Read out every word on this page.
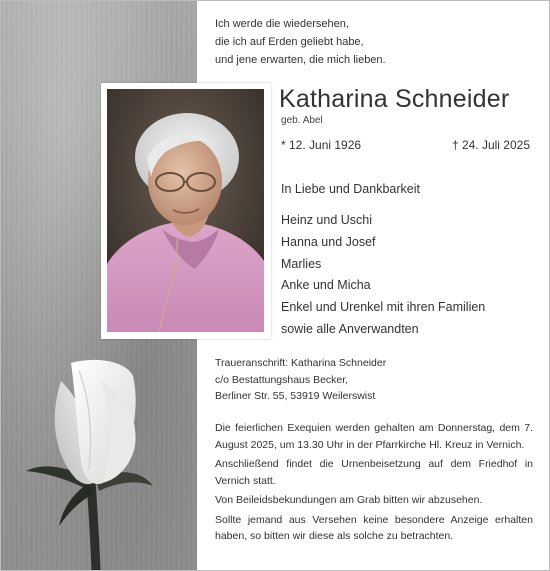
Ich werde die wiedersehen,
die ich auf Erden geliebt habe,
und jene erwarten, die mich lieben.
Katharina Schneider
geb. Abel
* 12. Juni 1926	† 24. Juli 2025
In Liebe und Dankbarkeit
Heinz und Uschi
Hanna und Josef
Marlies
Anke und Micha
Enkel und Urenkel mit ihren Familien
sowie alle Anverwandten
Traueranschrift: Katharina Schneider
c/o Bestattungshaus Becker,
Berliner Str. 55, 53919 Weilerswist

Die feierlichen Exequien werden gehalten am Donnerstag, dem 7. August 2025, um 13.30 Uhr in der Pfarrkirche Hl. Kreuz in Vernich.

Anschließend findet die Urnenbeisetzung auf dem Friedhof in Vernich statt.

Von Beileidsbekundungen am Grab bitten wir abzusehen.

Sollte jemand aus Versehen keine besondere Anzeige erhalten haben, so bitten wir diese als solche zu betrachten.
